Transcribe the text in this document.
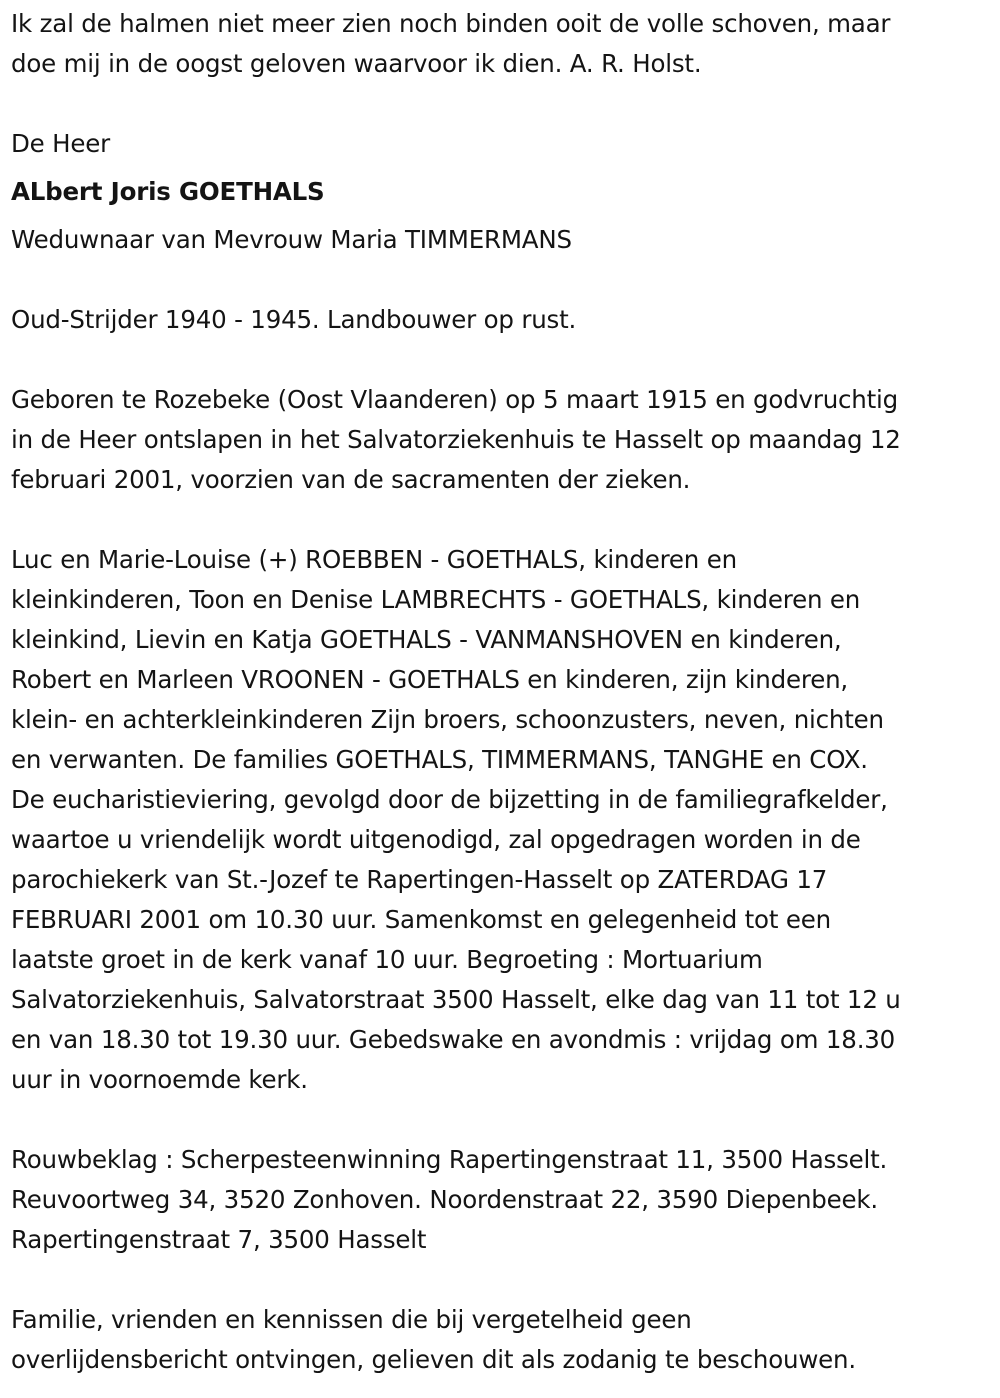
Ik zal de halmen niet meer zien noch binden ooit de volle schoven, maar

doe mij in de oogst geloven waarvoor ik dien. A. R. Holst.

De Heer

ALbert Joris GOETHALS

Weduwnaar van Mevrouw Maria TIMMERMANS

Oud-Strijder 1940 - 1945. Landbouwer op rust.

Geboren te Rozebeke (Oost Vlaanderen) op 5 maart 1915 en godvruchtig

in de Heer ontslapen in het Salvatorziekenhuis te Hasselt op maandag 12

februari 2001, voorzien van de sacramenten der zieken.

Luc en Marie-Louise (+) ROEBBEN - GOETHALS, kinderen en

kleinkinderen, Toon en Denise LAMBRECHTS - GOETHALS, kinderen en

kleinkind, Lievin en Katja GOETHALS - VANMANSHOVEN en kinderen,

Robert en Marleen VROONEN - GOETHALS en kinderen, zijn kinderen,

klein- en achterkleinkinderen Zijn broers, schoonzusters, neven, nichten

en verwanten. De families GOETHALS, TIMMERMANS, TANGHE en COX.

De eucharistieviering, gevolgd door de bijzetting in de familiegrafkelder,

waartoe u vriendelijk wordt uitgenodigd, zal opgedragen worden in de

parochiekerk van St.-Jozef te Rapertingen-Hasselt op ZATERDAG 17

FEBRUARI 2001 om 10.30 uur. Samenkomst en gelegenheid tot een

laatste groet in de kerk vanaf 10 uur. Begroeting : Mortuarium

Salvatorziekenhuis, Salvatorstraat 3500 Hasselt, elke dag van 11 tot 12 u

en van 18.30 tot 19.30 uur. Gebedswake en avondmis : vrijdag om 18.30

uur in voornoemde kerk.

Rouwbeklag : Scherpesteenwinning Rapertingenstraat 11, 3500 Hasselt.

Reuvoortweg 34, 3520 Zonhoven. Noordenstraat 22, 3590 Diepenbeek.

Rapertingenstraat 7, 3500 Hasselt

Familie, vrienden en kennissen die bij vergetelheid geen

overlijdensbericht ontvingen, gelieven dit als zodanig te beschouwen.
